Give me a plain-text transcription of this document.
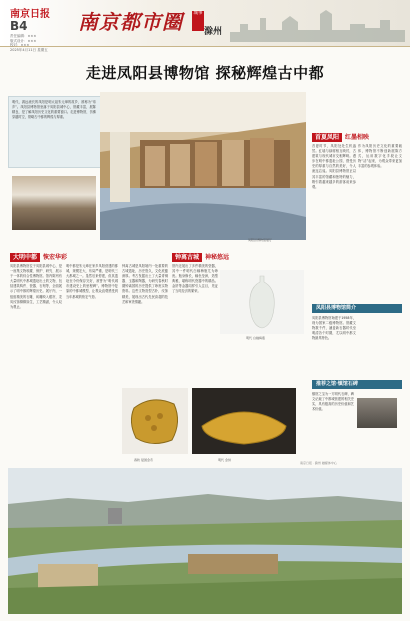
南京日报
B4
责任编辑：×××
版式设计：×××
校对：×××
2025年4月11日 星期五
南京都市圈	城事
滁州
走进凤阳县博物馆 探秘辉煌古中都
明代，源远流长的凤阳是明太祖朱元璋的故乡，被称为“帝乡”。凤阳县博物馆坐落于凤阳县城中心，馆藏丰富，展陈精良，是了解凤阳历史文化的重要窗口。走进博物馆，仿佛穿越时空，领略古中都的辉煌与厚重。
凤阳县博物馆展厅
首夏凤阳 红墨相映
首夏时节，凤阳处处生机盎然。红墙与绿树相互映衬，古建筑与现代城市交相辉映。漫步在明中都遗址公园，感受历史的厚重与自然的美好，令人流连忘返。凤阳县博物馆正以其丰富的馆藏和独特的魅力，吸引着越来越多的游客前来参观。
作为凤阳历史文化的重要载体，博物馆不断创新展陈方式，运用数字化手段让文物“活”起来，为观众带来更加丰富的参观体验。
大明中都 恢宏华彩
凤阳县博物馆位于凤阳县城中心，是一座集文物收藏、保护、研究、展示于一体的综合性博物馆。馆内陈列有大量明代中都城遗址出土的文物，包括建筑构件、瓷器、石刻等，全面展示了明中都的辉煌历史。展厅内，一组组精美的石雕、砖雕映入眼帘，龙凤纹饰栩栩如生，工艺精湛，令人叹为观止。
明中都是朱元璋在家乡凤阳营建的都城，规模宏大，布局严谨，是明代三大都城之一。虽然后来停建，但其遗址至今仍保存完好，被誉为“明代城市建设史上的里程碑”。博物馆中复原的中都城模型，让观众直观感受到当年都城的恢宏气势。
钟离古城 神秘悠远
钟离古城是凤阳境内一处重要的古城遗址，历史悠久，文化底蕴深厚。考古发掘出土了大量青铜器、玉器和陶器，为研究春秋时期钟离国的历史提供了珍贵实物资料。这些文物造型古朴，纹饰精美，展现出古代先民高超的技艺和审美情趣。
馆内还展出了多件精美的瓷器，其中一件明代白釉梅瓶尤为珍贵。瓶身修长，釉色莹润，造型典雅，堪称明代瓷器中的精品。金饼等金器同样引人注目，见证了当时经济的繁荣。
明代 白釉梅瓶
凤阳县博物馆简介
凤阳县博物馆始建于1958年，现为国家二级博物馆。馆藏文物数千件，涵盖新石器时代至明清各个时期，尤以明中都文物最具特色。
春秋 楚国金币	明代 金饼
推荐之馆·镇馆石碑
镇馆之宝为一方明代石碑，碑文记载了中都城营建的相关史实，具有极高的历史价值和艺术价值。
南京日报 · 滁州 融媒体中心
